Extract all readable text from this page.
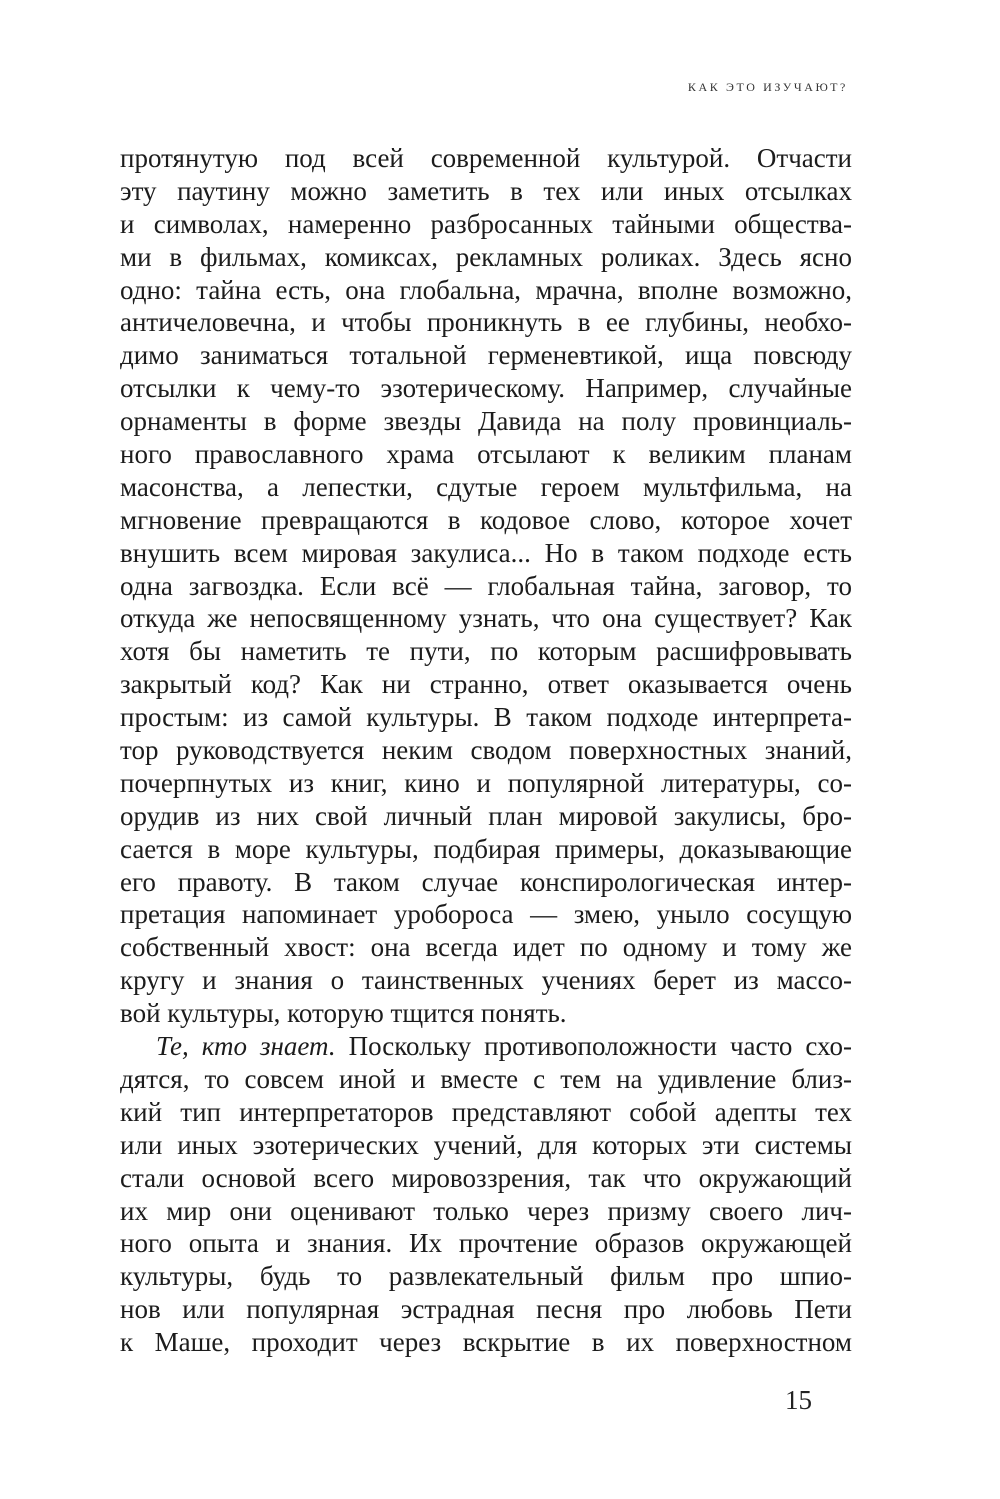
КАК ЭТО ИЗУЧАЮТ?
протянутую под всей современной культурой. Отчасти
эту паутину можно заметить в тех или иных отсылках
и символах, намеренно разбросанных тайными общества-
ми в фильмах, комиксах, рекламных роликах. Здесь ясно
одно: тайна есть, она глобальна, мрачна, вполне возможно,
античеловечна, и чтобы проникнуть в ее глубины, необхо-
димо заниматься тотальной герменевтикой, ища повсюду
отсылки к чему-то эзотерическому. Например, случайные
орнаменты в форме звезды Давида на полу провинциаль-
ного православного храма отсылают к великим планам
масонства, а лепестки, сдутые героем мультфильма, на
мгновение превращаются в кодовое слово, которое хочет
внушить всем мировая закулиса... Но в таком подходе есть
одна загвоздка. Если всё — глобальная тайна, заговор, то
откуда же непосвященному узнать, что она существует? Как
хотя бы наметить те пути, по которым расшифровывать
закрытый код? Как ни странно, ответ оказывается очень
простым: из самой культуры. В таком подходе интерпрета-
тор руководствуется неким сводом поверхностных знаний,
почерпнутых из книг, кино и популярной литературы, со-
орудив из них свой личный план мировой закулисы, бро-
сается в море культуры, подбирая примеры, доказывающие
его правоту. В таком случае конспирологическая интер-
претация напоминает уробороса — змею, уныло сосущую
собственный хвост: она всегда идет по одному и тому же
кругу и знания о таинственных учениях берет из массо-
вой культуры, которую тщится понять.
Те, кто знает. Поскольку противоположности часто схо-
дятся, то совсем иной и вместе с тем на удивление близ-
кий тип интерпретаторов представляют собой адепты тех
или иных эзотерических учений, для которых эти системы
стали основой всего мировоззрения, так что окружающий
их мир они оценивают только через призму своего лич-
ного опыта и знания. Их прочтение образов окружающей
культуры, будь то развлекательный фильм про шпио-
нов или популярная эстрадная песня про любовь Пети
к Маше, проходит через вскрытие в их поверхностном
15
